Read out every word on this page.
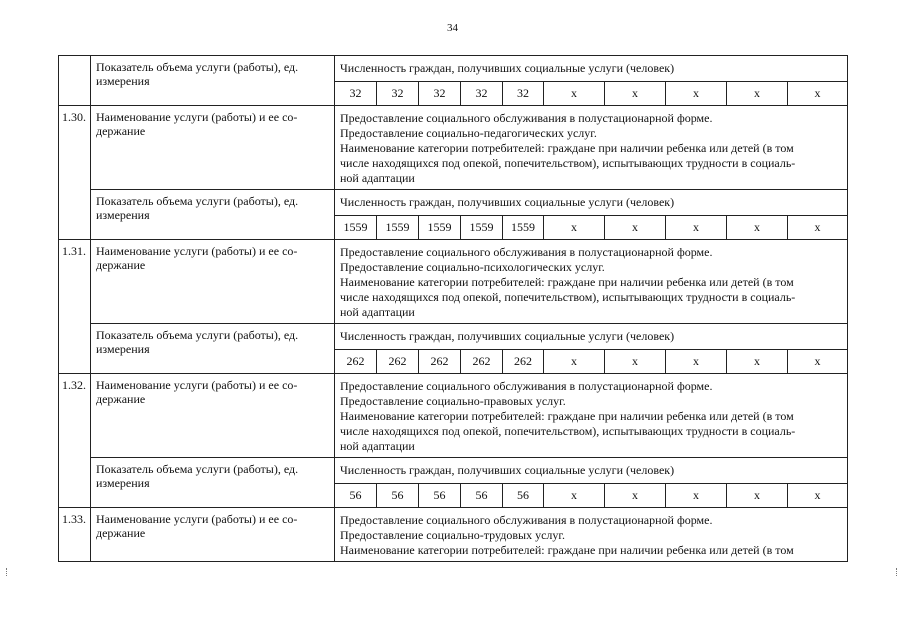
34
	Показатель объема услуги (работы), ед. измерения	Численность граждан, получивших социальные услуги (человек)									
		32	32	32	32	32	x	x	x	x	x
1.30.	Наименование услуги (работы) и ее со-держание	Предоставление социального обслуживания в полустационарной форме.
Предоставление социально-педагогических услуг.
Наименование категории потребителей: граждане при наличии ребенка или детей (в том
числе находящихся под опекой, попечительством), испытывающих трудности в социаль-
ной адаптации									

	Показатель объема услуги (работы), ед. измерения	Численность граждан, получивших социальные услуги (человек)									
		1559	1559	1559	1559	1559	x	x	x	x	x
1.31.	Наименование услуги (работы) и ее со-держание	Предоставление социального обслуживания в полустационарной форме.
Предоставление социально-психологических услуг.
Наименование категории потребителей: граждане при наличии ребенка или детей (в том
числе находящихся под опекой, попечительством), испытывающих трудности в социаль-
ной адаптации									

	Показатель объема услуги (работы), ед. измерения	Численность граждан, получивших социальные услуги (человек)									
		262	262	262	262	262	x	x	x	x	x
1.32.	Наименование услуги (работы) и ее со-держание	Предоставление социального обслуживания в полустационарной форме.
Предоставление социально-правовых услуг.
Наименование категории потребителей: граждане при наличии ребенка или детей (в том
числе находящихся под опекой, попечительством), испытывающих трудности в социаль-
ной адаптации									

	Показатель объема услуги (работы), ед. измерения	Численность граждан, получивших социальные услуги (человек)									
		56	56	56	56	56	x	x	x	x	x
1.33.	Наименование услуги (работы) и ее со-держание	Предоставление социального обслуживания в полустационарной форме.
Предоставление социально-трудовых услуг.
Наименование категории потребителей: граждане при наличии ребенка или детей (в том									
